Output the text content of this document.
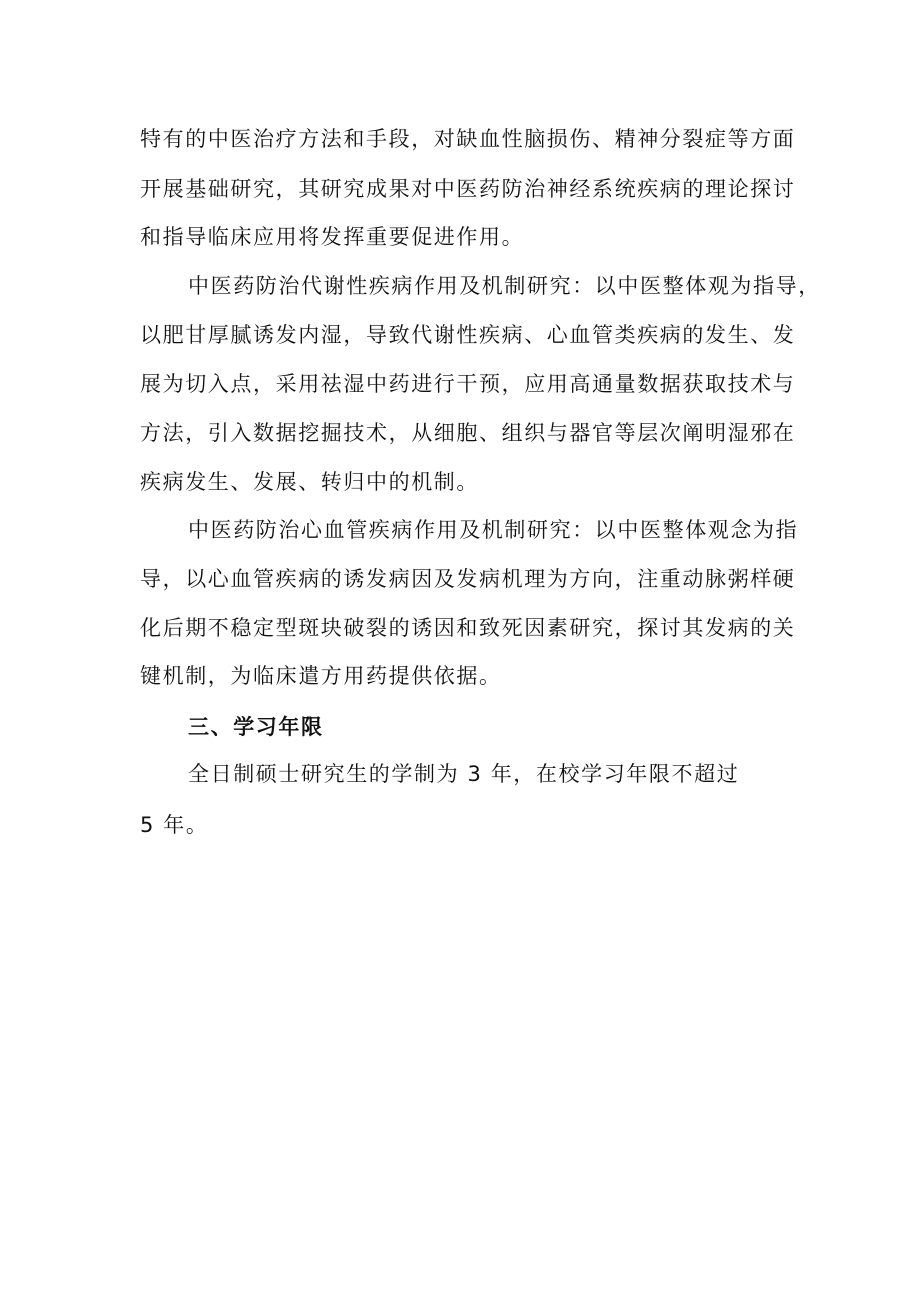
特有的中医治疗方法和手段，对缺血性脑损伤、精神分裂症等方面
开展基础研究，其研究成果对中医药防治神经系统疾病的理论探讨
和指导临床应用将发挥重要促进作用。
中医药防治代谢性疾病作用及机制研究：以中医整体观为指导，
以肥甘厚腻诱发内湿，导致代谢性疾病、心血管类疾病的发生、发
展为切入点，采用祛湿中药进行干预，应用高通量数据获取技术与
方法，引入数据挖掘技术，从细胞、组织与器官等层次阐明湿邪在
疾病发生、发展、转归中的机制。
中医药防治心血管疾病作用及机制研究：以中医整体观念为指
导，以心血管疾病的诱发病因及发病机理为方向，注重动脉粥样硬
化后期不稳定型斑块破裂的诱因和致死因素研究，探讨其发病的关
键机制，为临床遣方用药提供依据。
三、学习年限
全日制硕士研究生的学制为 3 年，在校学习年限不超过
5 年。
